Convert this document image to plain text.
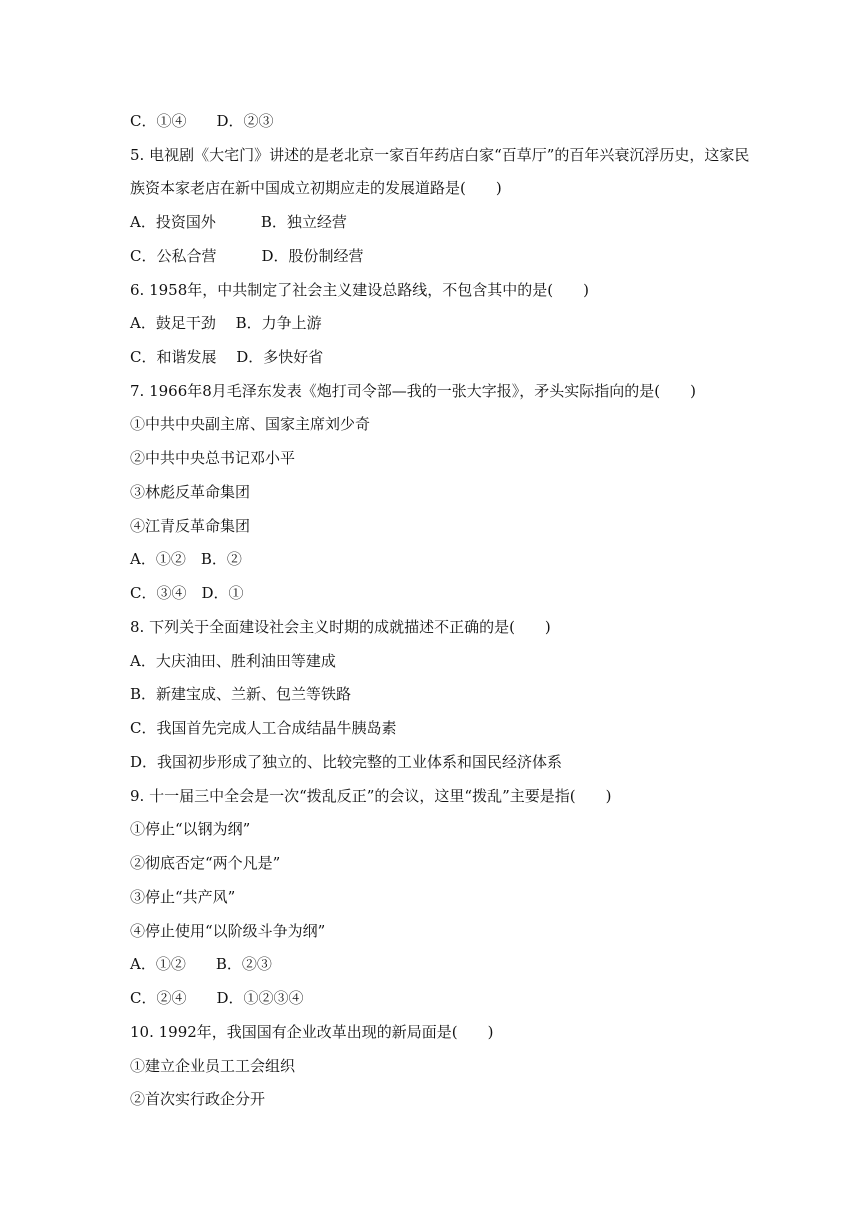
C．①④　　D．②③
5. 电视剧《大宅门》讲述的是老北京一家百年药店白家“百草厅”的百年兴衰沉浮历史，这家民族资本家老店在新中国成立初期应走的发展道路是(　　)
A．投资国外　　　B．独立经营
C．公私合营　　　D．股份制经营
6. 1958年，中共制定了社会主义建设总路线，不包含其中的是(　　)
A．鼓足干劲　 B．力争上游
C．和谐发展　 D．多快好省
7. 1966年8月毛泽东发表《炮打司令部—我的一张大字报》，矛头实际指向的是(　　)
①中共中央副主席、国家主席刘少奇
②中共中央总书记邓小平
③林彪反革命集团
④江青反革命集团
A．①②　B．②
C．③④　D．①
8. 下列关于全面建设社会主义时期的成就描述不正确的是(　　)
A．大庆油田、胜利油田等建成
B．新建宝成、兰新、包兰等铁路
C．我国首先完成人工合成结晶牛胰岛素
D．我国初步形成了独立的、比较完整的工业体系和国民经济体系
9. 十一届三中全会是一次“拨乱反正”的会议，这里“拨乱”主要是指(　　)
①停止“以钢为纲”
②彻底否定“两个凡是”
③停止“共产风”
④停止使用“以阶级斗争为纲”
A．①②　　B．②③
C．②④　　D．①②③④
10. 1992年，我国国有企业改革出现的新局面是(　　)
①建立企业员工工会组织
②首次实行政企分开
